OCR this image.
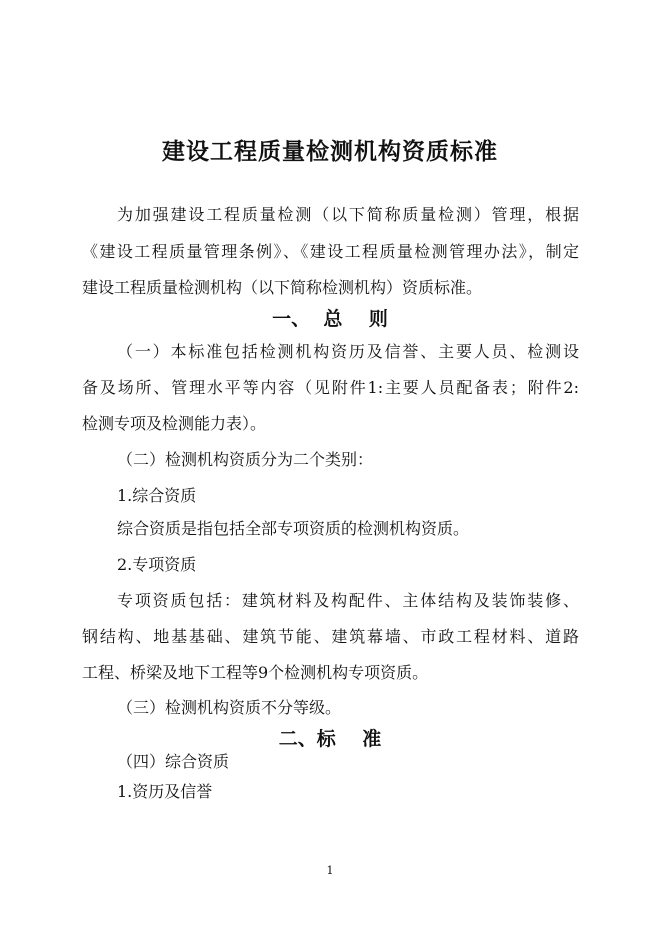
建设工程质量检测机构资质标准
为加强建设工程质量检测（以下简称质量检测）管理，根据
《建设工程质量管理条例》、《建设工程质量检测管理办法》，制定
建设工程质量检测机构（以下简称检测机构）资质标准。
一、  总    则
（一）本标准包括检测机构资历及信誉、主要人员、检测设
备及场所、管理水平等内容（见附件1:主要人员配备表；附件2:
检测专项及检测能力表）。
（二）检测机构资质分为二个类别：
1.综合资质
综合资质是指包括全部专项资质的检测机构资质。
2.专项资质
专项资质包括：建筑材料及构配件、主体结构及装饰装修、
钢结构、地基基础、建筑节能、建筑幕墙、市政工程材料、道路
工程、桥梁及地下工程等9个检测机构专项资质。
（三）检测机构资质不分等级。
二、标    准
（四）综合资质
1.资历及信誉
1
